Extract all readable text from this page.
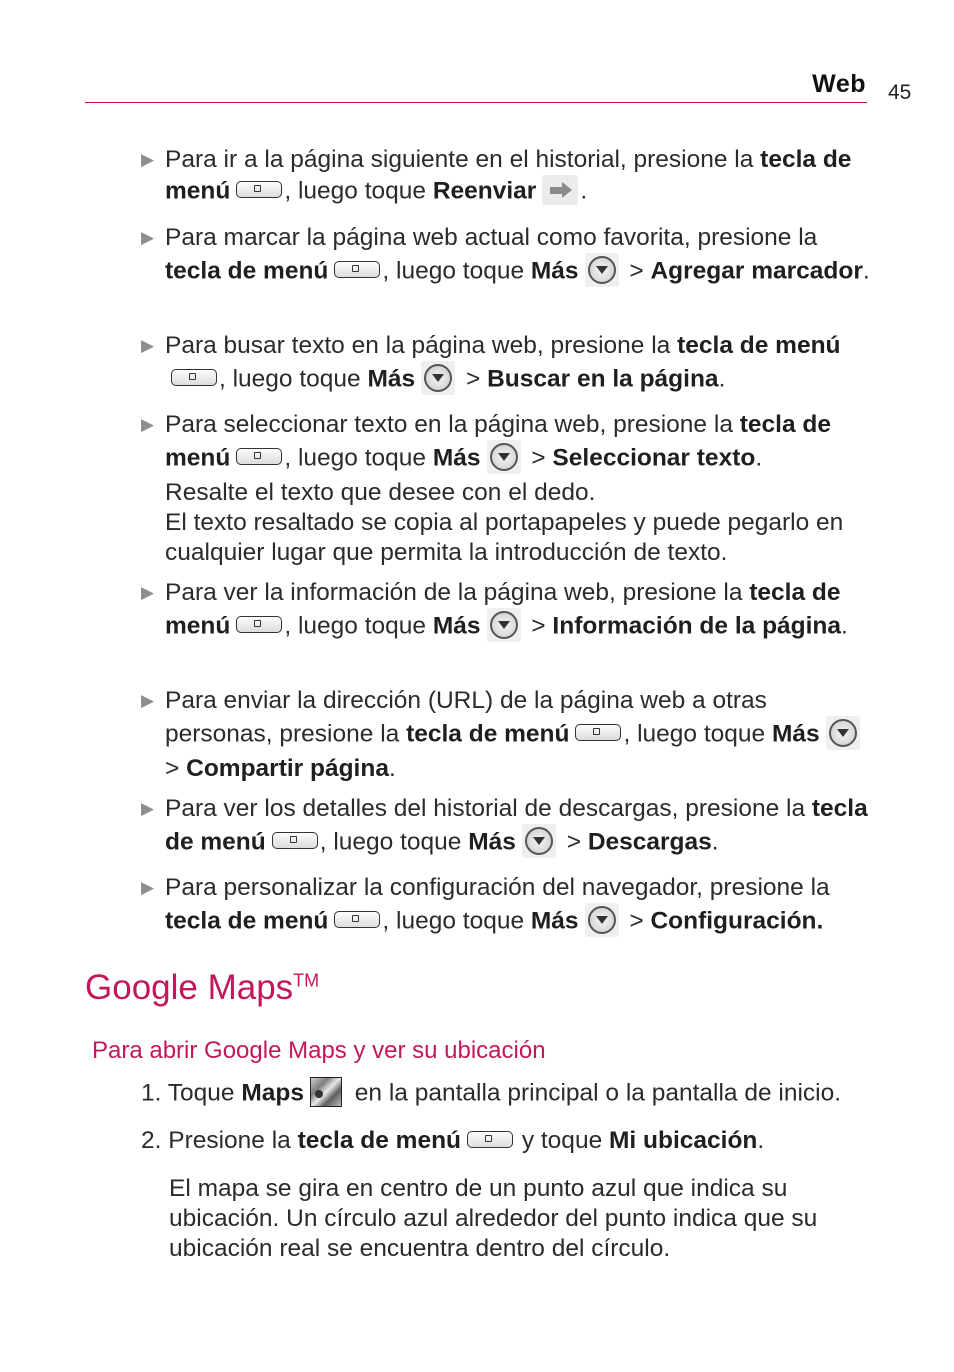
Web 45
▶ Para ir a la página siguiente en el historial, presione la tecla de menú , luego toque Reenviar .
▶ Para marcar la página web actual como favorita, presione la tecla de menú , luego toque Más > Agregar marcador.
▶ Para busar texto en la página web, presione la tecla de menú, luego toque Más > Buscar en la página.
▶ Para seleccionar texto en la página web, presione la tecla de menú , luego toque Más > Seleccionar texto.
Resalte el texto que desee con el dedo.
El texto resaltado se copia al portapapeles y puede pegarlo en cualquier lugar que permita la introducción de texto.
▶ Para ver la información de la página web, presione la tecla de menú , luego toque Más > Información de la página.
▶ Para enviar la dirección (URL) de la página web a otras personas, presione la tecla de menú , luego toque Más > Compartir página.
▶ Para ver los detalles del historial de descargas, presione la tecla de menú , luego toque Más > Descargas.
▶ Para personalizar la configuración del navegador, presione la tecla de menú , luego toque Más > Configuración.
Google Maps™
Para abrir Google Maps y ver su ubicación
1. Toque Maps en la pantalla principal o la pantalla de inicio.
2. Presione la tecla de menú y toque Mi ubicación.
El mapa se gira en centro de un punto azul que indica su ubicación. Un círculo azul alrededor del punto indica que su ubicación real se encuentra dentro del círculo.
